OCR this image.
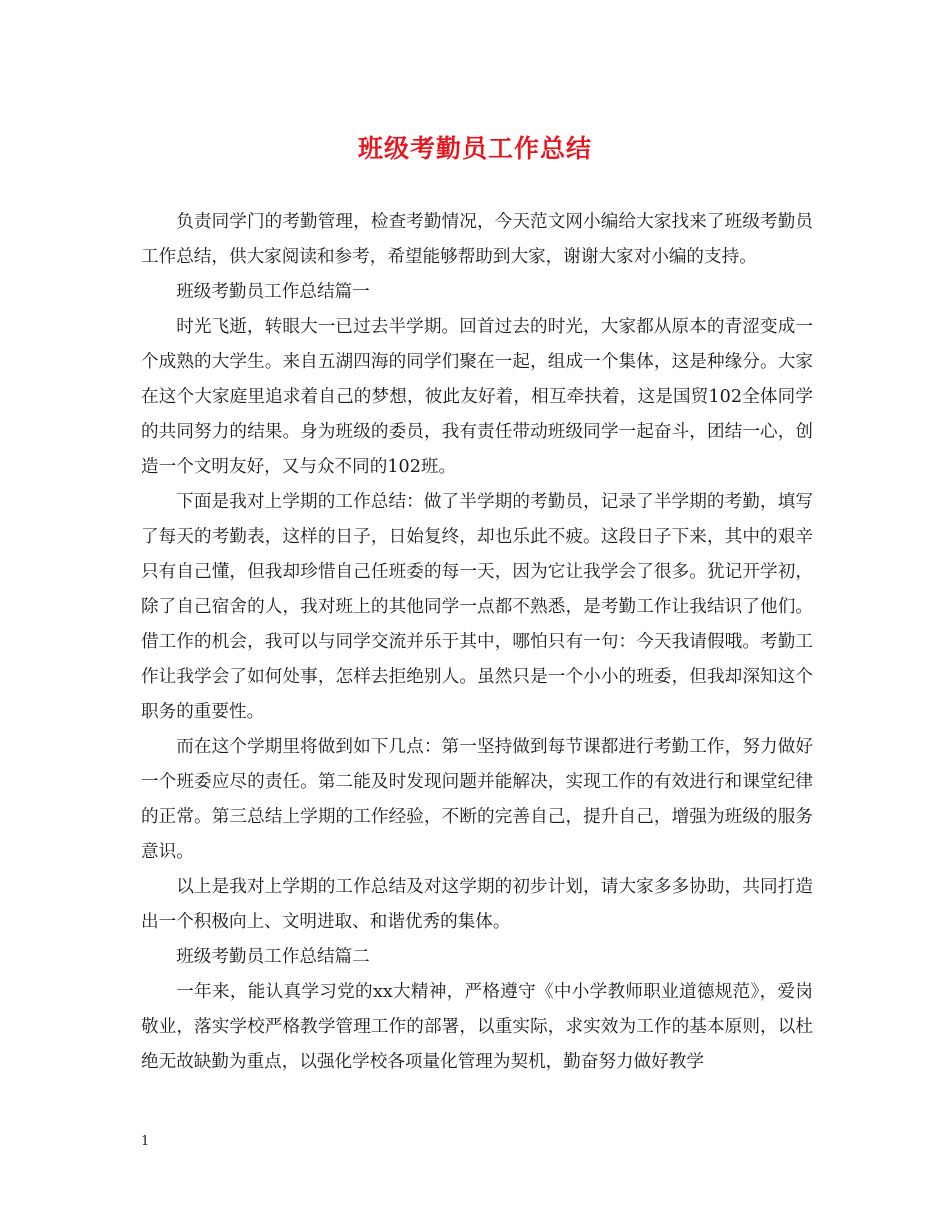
班级考勤员工作总结

负责同学门的考勤管理，检查考勤情况，今天范文网小编给大家找来了班级考勤员工作总结，供大家阅读和参考，希望能够帮助到大家，谢谢大家对小编的支持。

班级考勤员工作总结篇一

时光飞逝，转眼大一已过去半学期。回首过去的时光，大家都从原本的青涩变成一个成熟的大学生。来自五湖四海的同学们聚在一起，组成一个集体，这是种缘分。大家在这个大家庭里追求着自己的梦想，彼此友好着，相互牵扶着，这是国贸102全体同学的共同努力的结果。身为班级的委员，我有责任带动班级同学一起奋斗，团结一心，创造一个文明友好，又与众不同的102班。

下面是我对上学期的工作总结：做了半学期的考勤员，记录了半学期的考勤，填写了每天的考勤表，这样的日子，日始复终，却也乐此不疲。这段日子下来，其中的艰辛只有自己懂，但我却珍惜自己任班委的每一天，因为它让我学会了很多。犹记开学初，除了自己宿舍的人，我对班上的其他同学一点都不熟悉，是考勤工作让我结识了他们。借工作的机会，我可以与同学交流并乐于其中，哪怕只有一句：今天我请假哦。考勤工作让我学会了如何处事，怎样去拒绝别人。虽然只是一个小小的班委，但我却深知这个职务的重要性。

而在这个学期里将做到如下几点：第一坚持做到每节课都进行考勤工作，努力做好一个班委应尽的责任。第二能及时发现问题并能解决，实现工作的有效进行和课堂纪律的正常。第三总结上学期的工作经验，不断的完善自己，提升自己，增强为班级的服务意识。

以上是我对上学期的工作总结及对这学期的初步计划，请大家多多协助，共同打造出一个积极向上、文明进取、和谐优秀的集体。

班级考勤员工作总结篇二

一年来，能认真学习党的xx大精神，严格遵守《中小学教师职业道德规范》，爱岗敬业，落实学校严格教学管理工作的部署，以重实际，求实效为工作的基本原则，以杜绝无故缺勤为重点，以强化学校各项量化管理为契机，勤奋努力做好教学

1
